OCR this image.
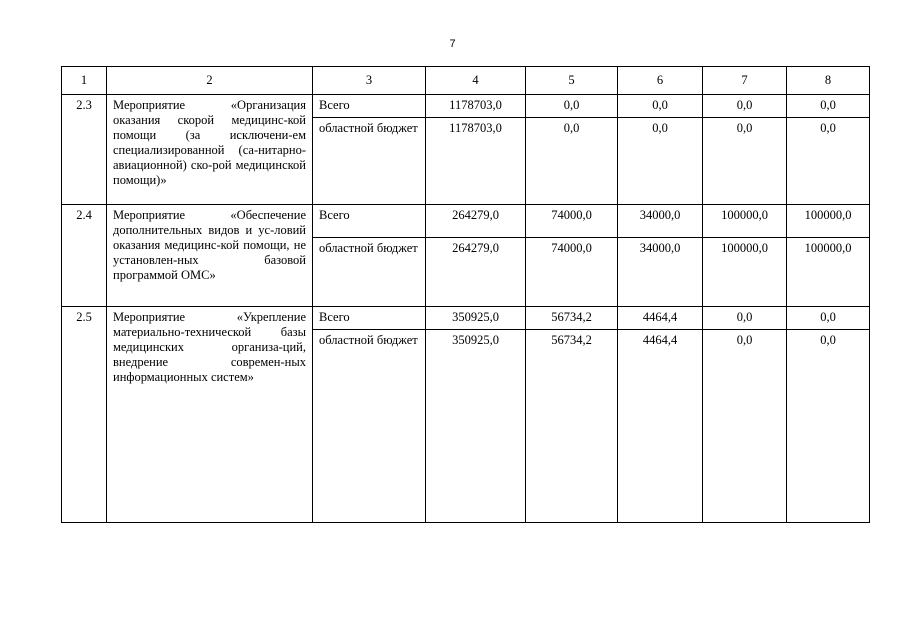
7
1	2	3	4	5	6	7	8
2.3	Мероприятие «Организация оказания скорой медицинс-кой помощи (за исключени-ем специализированной (са-нитарно-авиационной) ско-рой медицинской помощи)»	Всего	1178703,0	0,0	0,0	0,0	0,0
		областной бюджет	1178703,0	0,0	0,0	0,0	0,0
2.4	Мероприятие «Обеспечение дополнительных видов и ус-ловий оказания медицинс-кой помощи, не установлен-ных базовой программой ОМС»	Всего	264279,0	74000,0	34000,0	100000,0	100000,0
		областной бюджет	264279,0	74000,0	34000,0	100000,0	100000,0
2.5	Мероприятие «Укрепление материально-технической базы медицинских организа-ций, внедрение современ-ных информационных систем»	Всего	350925,0	56734,2	4464,4	0,0	0,0
		областной бюджет	350925,0	56734,2	4464,4	0,0	0,0
